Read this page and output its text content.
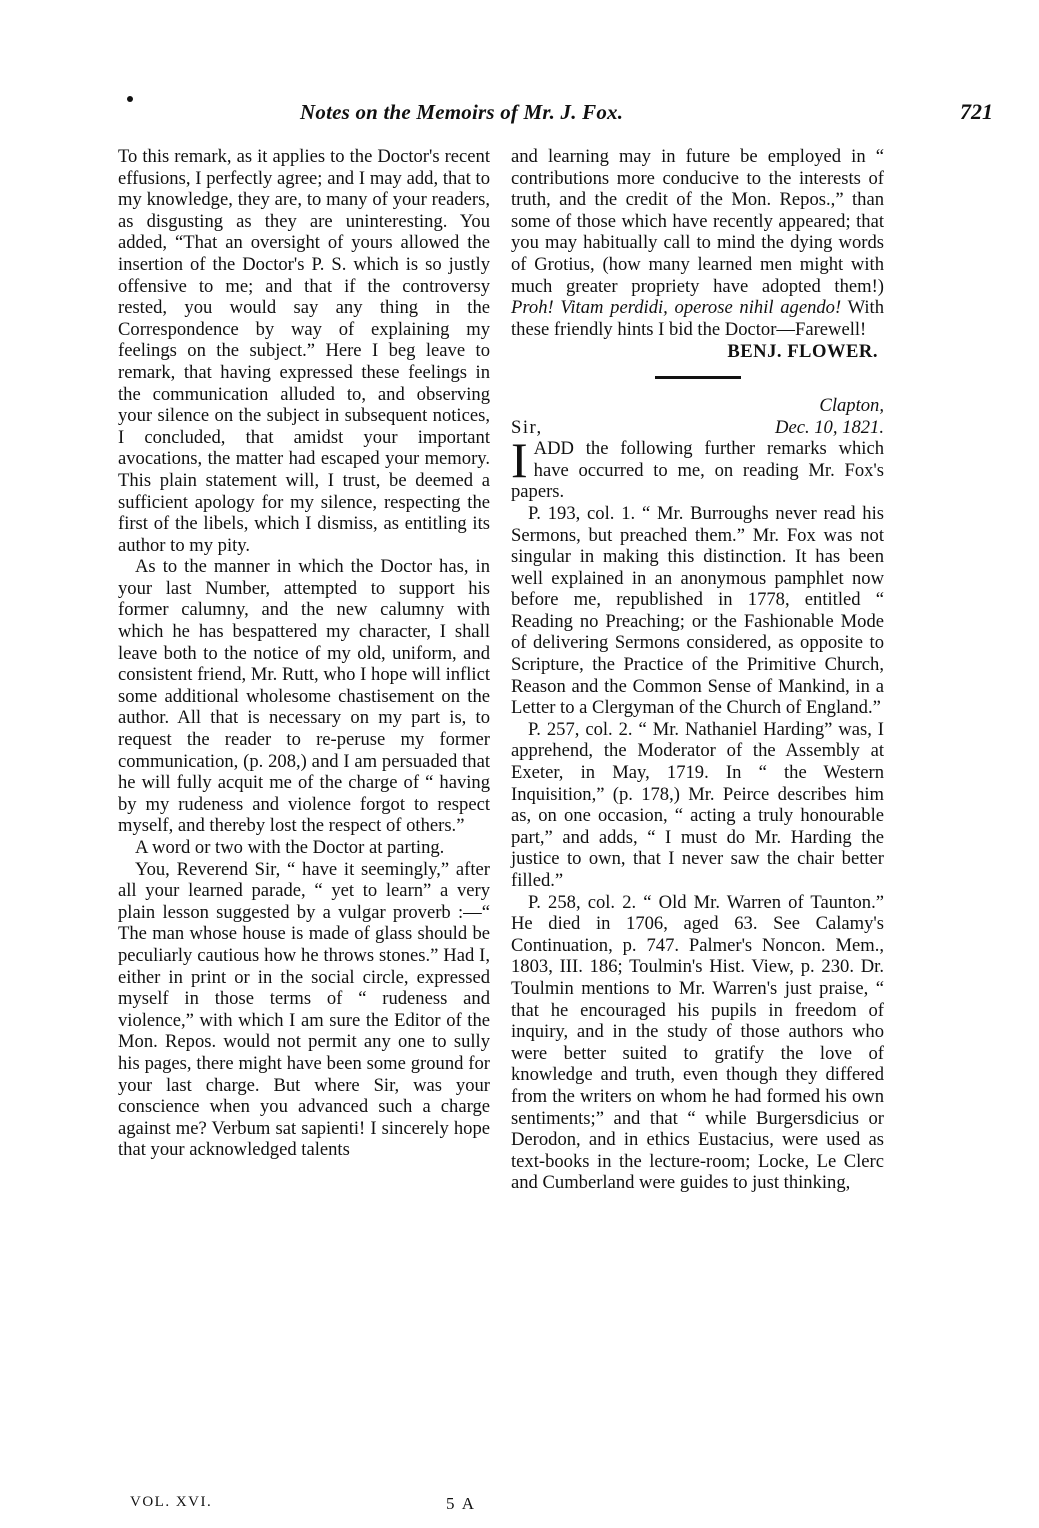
Notes on the Memoirs of Mr. J. Fox.	721

To this remark, as it applies to the Doctor's recent effusions, I perfectly agree; and I may add, that to my knowledge, they are, to many of your readers, as disgusting as they are uninteresting. You added, “That an oversight of yours allowed the insertion of the Doctor's P. S. which is so justly offensive to me; and that if the controversy rested, you would say any thing in the Correspondence by way of explaining my feelings on the subject.” Here I beg leave to remark, that having expressed these feelings in the communication alluded to, and observing your silence on the subject in subsequent notices, I concluded, that amidst your important avocations, the matter had escaped your memory. This plain statement will, I trust, be deemed a sufficient apology for my silence, respecting the first of the libels, which I dismiss, as entitling its author to my pity.

As to the manner in which the Doctor has, in your last Number, attempted to support his former calumny, and the new calumny with which he has bespattered my character, I shall leave both to the notice of my old, uniform, and consistent friend, Mr. Rutt, who I hope will inflict some additional wholesome chastisement on the author. All that is necessary on my part is, to request the reader to re-peruse my former communication, (p. 208,) and I am persuaded that he will fully acquit me of the charge of “ having by my rudeness and violence forgot to respect myself, and thereby lost the respect of others.”

A word or two with the Doctor at parting.

You, Reverend Sir, “ have it seemingly,” after all your learned parade, “ yet to learn” a very plain lesson suggested by a vulgar proverb :—“ The man whose house is made of glass should be peculiarly cautious how he throws stones.” Had I, either in print or in the social circle, expressed myself in those terms of “ rudeness and violence,” with which I am sure the Editor of the Mon. Repos. would not permit any one to sully his pages, there might have been some ground for your last charge. But where Sir, was your conscience when you advanced such a charge against me? Verbum sat sapienti! I sincerely hope that your acknowledged talents

and learning may in future be employed in “ contributions more conducive to the interests of truth, and the credit of the Mon. Repos.,” than some of those which have recently appeared; that you may habitually call to mind the dying words of Grotius, (how many learned men might with much greater propriety have adopted them!) Proh! Vitam perdidi, operose nihil agendo! With these friendly hints I bid the Doctor—Farewell!

BENJ. FLOWER.

Clapton,

Sir,	Dec. 10, 1821.

I ADD the following further remarks which have occurred to me, on reading Mr. Fox's papers.

P. 193, col. 1. “ Mr. Burroughs never read his Sermons, but preached them.” Mr. Fox was not singular in making this distinction. It has been well explained in an anonymous pamphlet now before me, republished in 1778, entitled “ Reading no Preaching; or the Fashionable Mode of delivering Sermons considered, as opposite to Scripture, the Practice of the Primitive Church, Reason and the Common Sense of Mankind, in a Letter to a Clergyman of the Church of England.”

P. 257, col. 2. “ Mr. Nathaniel Harding” was, I apprehend, the Moderator of the Assembly at Exeter, in May, 1719. In “ the Western Inquisition,” (p. 178,) Mr. Peirce describes him as, on one occasion, “ acting a truly honourable part,” and adds, “ I must do Mr. Harding the justice to own, that I never saw the chair better filled.”

P. 258, col. 2. “ Old Mr. Warren of Taunton.” He died in 1706, aged 63. See Calamy's Continuation, p. 747. Palmer's Noncon. Mem., 1803, III. 186; Toulmin's Hist. View, p. 230. Dr. Toulmin mentions to Mr. Warren's just praise, “ that he encouraged his pupils in freedom of inquiry, and in the study of those authors who were better suited to gratify the love of knowledge and truth, even though they differed from the writers on whom he had formed his own sentiments;” and that “ while Burgersdicius or Derodon, and in ethics Eustacius, were used as text-books in the lecture-room; Locke, Le Clerc and Cumberland were guides to just thinking,

VOL. XVI.	5 A
